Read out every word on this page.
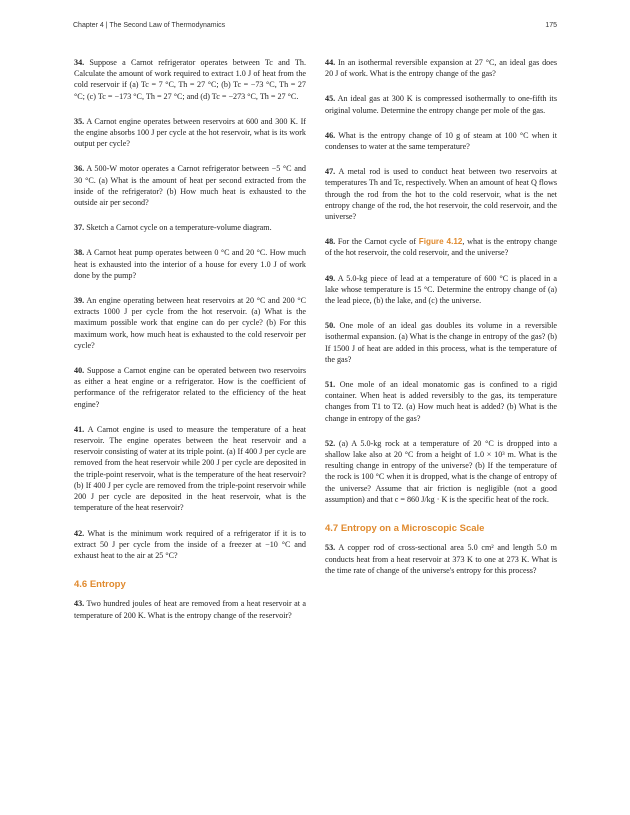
Chapter 4 | The Second Law of Thermodynamics	175

34. Suppose a Carnot refrigerator operates between Tc and Th. Calculate the amount of work required to extract 1.0 J of heat from the cold reservoir if (a) Tc = 7 °C, Th = 27 °C; (b) Tc = −73 °C, Th = 27 °C; (c) Tc = −173 °C, Th = 27 °C; and (d) Tc = −273 °C, Th = 27 °C.

35. A Carnot engine operates between reservoirs at 600 and 300 K. If the engine absorbs 100 J per cycle at the hot reservoir, what is its work output per cycle?

36. A 500-W motor operates a Carnot refrigerator between −5 °C and 30 °C. (a) What is the amount of heat per second extracted from the inside of the refrigerator? (b) How much heat is exhausted to the outside air per second?

37. Sketch a Carnot cycle on a temperature-volume diagram.

38. A Carnot heat pump operates between 0 °C and 20 °C. How much heat is exhausted into the interior of a house for every 1.0 J of work done by the pump?

39. An engine operating between heat reservoirs at 20 °C and 200 °C extracts 1000 J per cycle from the hot reservoir. (a) What is the maximum possible work that engine can do per cycle? (b) For this maximum work, how much heat is exhausted to the cold reservoir per cycle?

40. Suppose a Carnot engine can be operated between two reservoirs as either a heat engine or a refrigerator. How is the coefficient of performance of the refrigerator related to the efficiency of the heat engine?

41. A Carnot engine is used to measure the temperature of a heat reservoir. The engine operates between the heat reservoir and a reservoir consisting of water at its triple point. (a) If 400 J per cycle are removed from the heat reservoir while 200 J per cycle are deposited in the triple-point reservoir, what is the temperature of the heat reservoir? (b) If 400 J per cycle are removed from the triple-point reservoir while 200 J per cycle are deposited in the heat reservoir, what is the temperature of the heat reservoir?

42. What is the minimum work required of a refrigerator if it is to extract 50 J per cycle from the inside of a freezer at −10 °C and exhaust heat to the air at 25 °C?

4.6 Entropy

43. Two hundred joules of heat are removed from a heat reservoir at a temperature of 200 K. What is the entropy change of the reservoir?

44. In an isothermal reversible expansion at 27 °C, an ideal gas does 20 J of work. What is the entropy change of the gas?

45. An ideal gas at 300 K is compressed isothermally to one-fifth its original volume. Determine the entropy change per mole of the gas.

46. What is the entropy change of 10 g of steam at 100 °C when it condenses to water at the same temperature?

47. A metal rod is used to conduct heat between two reservoirs at temperatures Th and Tc, respectively. When an amount of heat Q flows through the rod from the hot to the cold reservoir, what is the net entropy change of the rod, the hot reservoir, the cold reservoir, and the universe?

48. For the Carnot cycle of Figure 4.12, what is the entropy change of the hot reservoir, the cold reservoir, and the universe?

49. A 5.0-kg piece of lead at a temperature of 600 °C is placed in a lake whose temperature is 15 °C. Determine the entropy change of (a) the lead piece, (b) the lake, and (c) the universe.

50. One mole of an ideal gas doubles its volume in a reversible isothermal expansion. (a) What is the change in entropy of the gas? (b) If 1500 J of heat are added in this process, what is the temperature of the gas?

51. One mole of an ideal monatomic gas is confined to a rigid container. When heat is added reversibly to the gas, its temperature changes from T1 to T2. (a) How much heat is added? (b) What is the change in entropy of the gas?

52. (a) A 5.0-kg rock at a temperature of 20 °C is dropped into a shallow lake also at 20 °C from a height of 1.0 × 10³ m. What is the resulting change in entropy of the universe? (b) If the temperature of the rock is 100 °C when it is dropped, what is the change of entropy of the universe? Assume that air friction is negligible (not a good assumption) and that c = 860 J/kg · K is the specific heat of the rock.

4.7 Entropy on a Microscopic Scale

53. A copper rod of cross-sectional area 5.0 cm² and length 5.0 m conducts heat from a heat reservoir at 373 K to one at 273 K. What is the time rate of change of the universe's entropy for this process?
